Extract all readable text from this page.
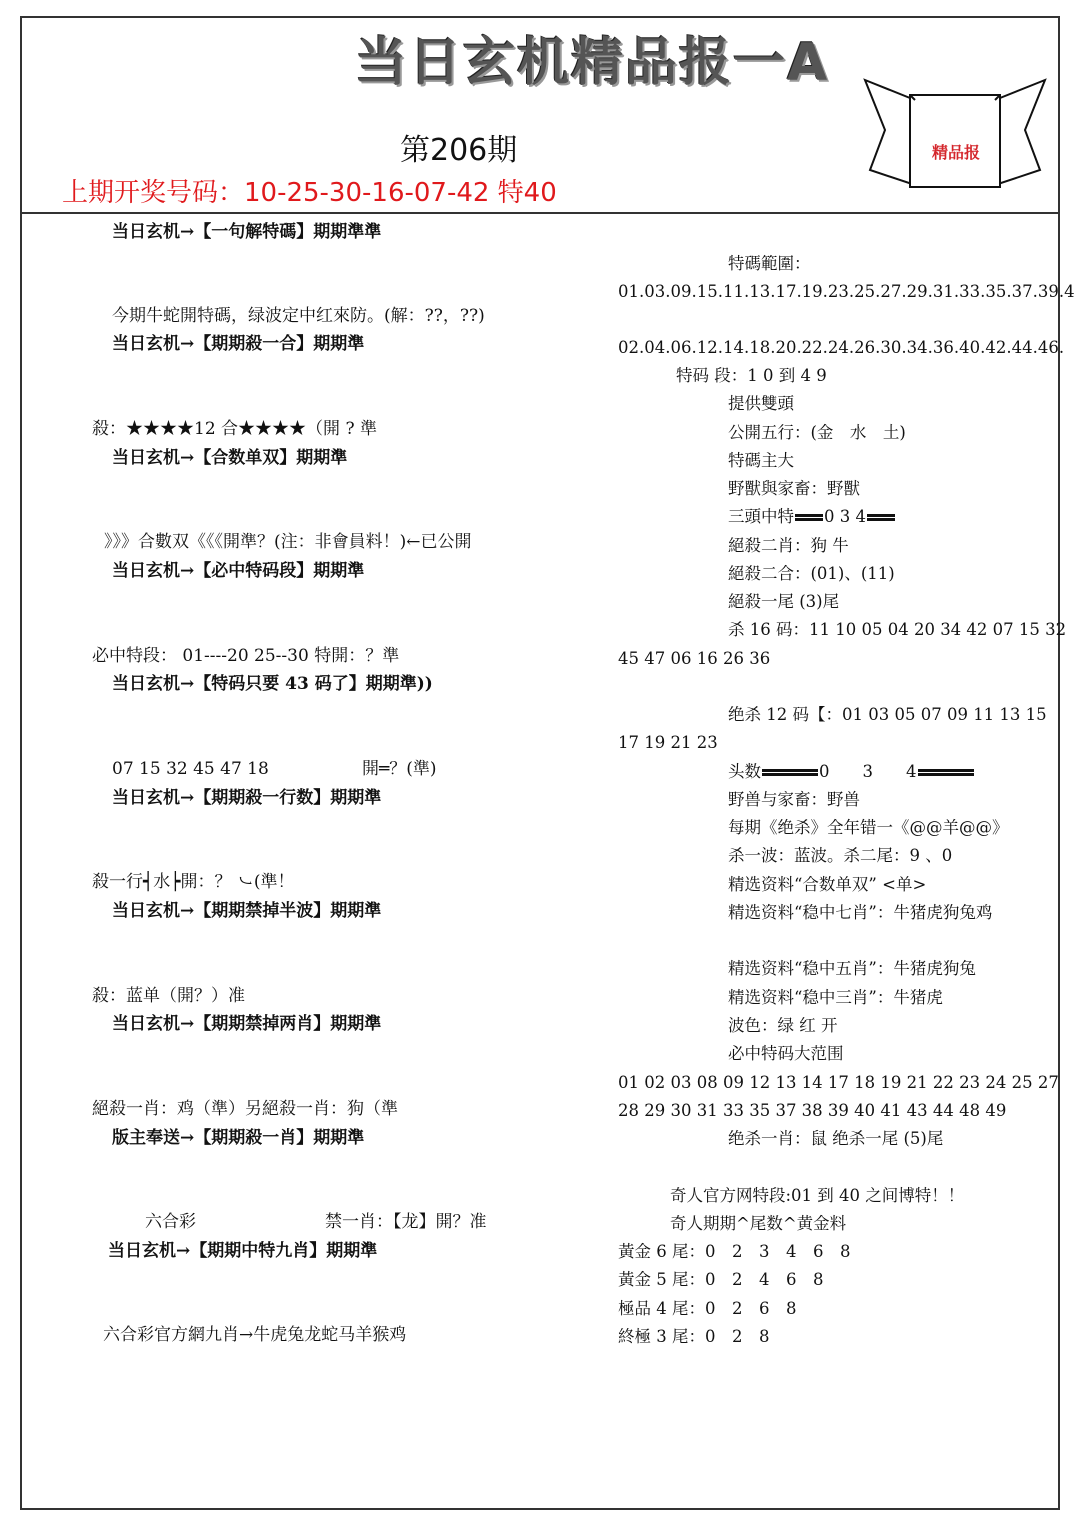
当日玄机精品报一A
第206期
上期开奖号码：10-25-30-16-07-42 特40
精品报
当日玄机→【一句解特碼】期期準準
今期牛蛇開特碼，绿波定中红來防。(解：??，??)
当日玄机→【期期殺一合】期期準
殺：★★★★12 合★★★★（開 ? 準
当日玄机→【合数单双】期期準
》》》合數双《《《開準？(注：非會員料！)←已公開
当日玄机→【必中特码段】期期準
必中特段： 01----20 25--30 特開：？準
当日玄机→【特码只要 43 码了】期期準))
07 15 32 45 47 18	開═？(準)
当日玄机→【期期殺一行数】期期準
殺一行┥水┝開：？ ㇃(準！
当日玄机→【期期禁掉半波】期期準
殺：蓝单（開？）准
当日玄机→【期期禁掉两肖】期期準
絕殺一肖：鸡（準）另絕殺一肖：狗（準
版主奉送→【期期殺一肖】期期準
六合彩	禁一肖：【龙】開？准
当日玄机→【期期中特九肖】期期準
六合彩官方網九肖→牛虎兔龙蛇马羊猴鸡
特碼範圍：
01.03.09.15.11.13.17.19.23.25.27.29.31.33.35.37.39.4
02.04.06.12.14.18.20.22.24.26.30.34.36.40.42.44.46.
特码 段：1 0 到 4 9
提供雙頭
公開五行：(金　水　土)
特碼主大
野獸與家畜：野獸
三頭中特 0 3 4
絕殺二肖：狗 牛
絕殺二合：(01)、(11)
絕殺一尾 (3)尾
杀 16 码：11 10 05 04 20 34 42 07 15 32
45 47 06 16 26 36
绝杀 12 码【：01 03 05 07 09 11 13 15
17 19 21 23
头数	0　　3　　4
野兽与家畜：野兽
每期《绝杀》全年错一《@@羊@@》
杀一波：蓝波。杀二尾：9 、0
精选资料“合数单双” <单>
精选资料“稳中七肖”：牛猪虎狗兔鸡
精选资料“稳中五肖”：牛猪虎狗兔
精选资料“稳中三肖”：牛猪虎
波色：绿 红 开
必中特码大范围
01 02 03 08 09 12 13 14 17 18 19 21 22 23 24 25 27
28 29 30 31 33 35 37 38 39 40 41 43 44 48 49
绝杀一肖：鼠 绝杀一尾 (5)尾
奇人官方网特段:01 到 40 之间博特！！
奇人期期^尾数^黄金料
黃金 6 尾：0　2　3　4　6　8
黃金 5 尾：0　2　4　6　8
極品 4 尾：0　2　6　8
終極 3 尾：0　2　8
